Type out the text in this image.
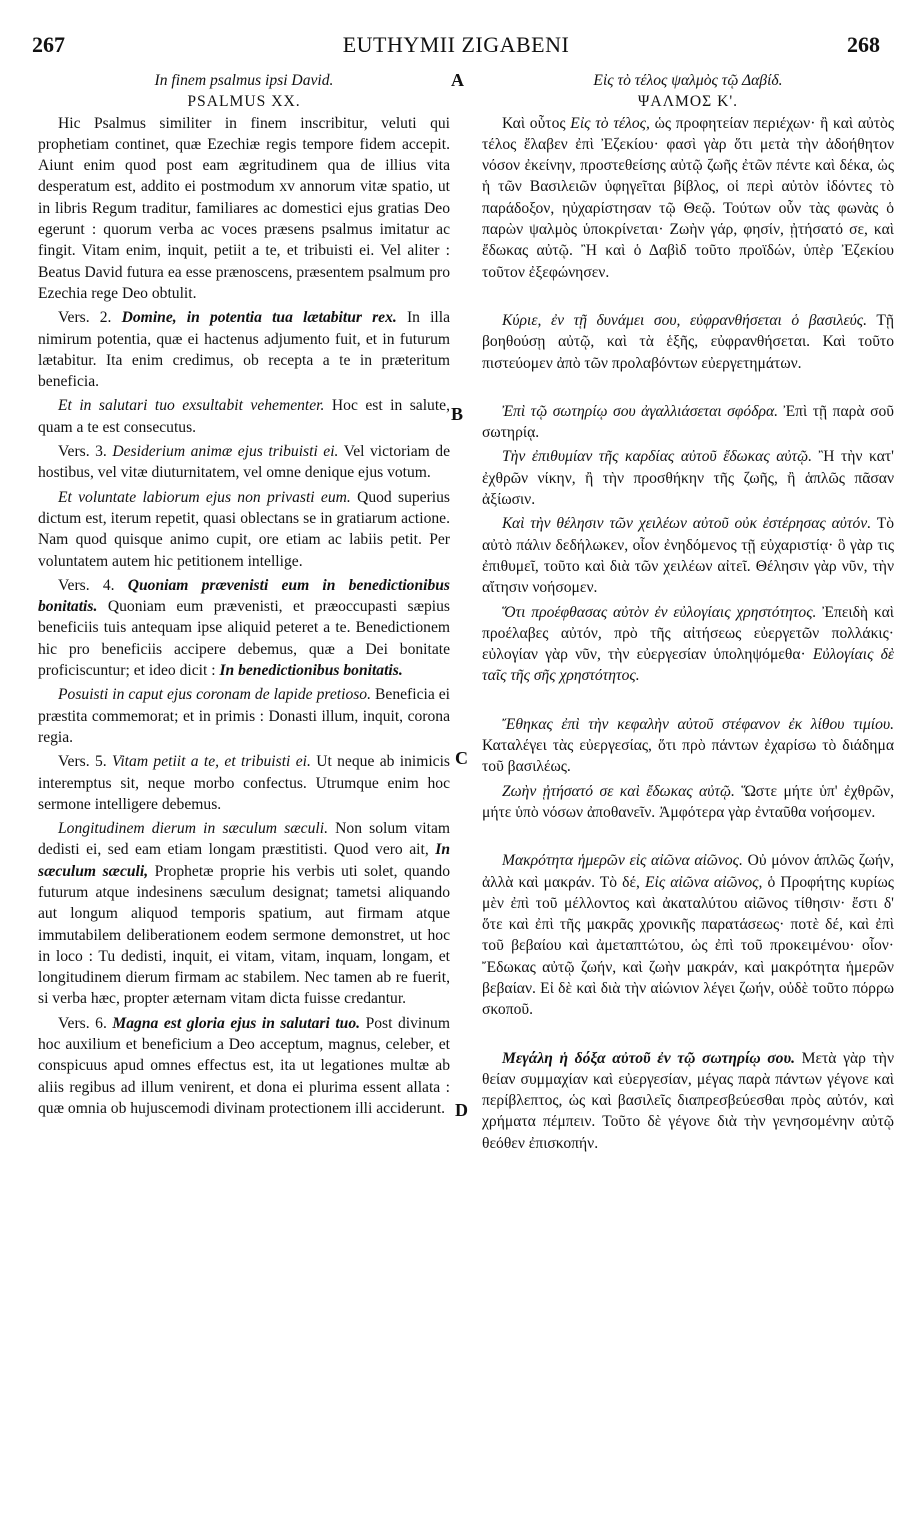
267	EUTHYMII ZIGABENI	268
A
B
C
D
In finem psalmus ipsi David.
PSALMUS XX.

Hic Psalmus similiter in finem inscribitur, veluti qui prophetiam continet, quæ Ezechiæ regis tempore fidem accepit. Aiunt enim quod post eam ægritudinem qua de illius vita desperatum est, addito ei postmodum xv annorum vitæ spatio, ut in libris Regum traditur, familiares ac domestici ejus gratias Deo egerunt : quorum verba ac voces præsens psalmus imitatur ac fingit. Vitam enim, inquit, petiit a te, et tribuisti ei. Vel aliter : Beatus David futura ea esse prænoscens, præsentem psalmum pro Ezechia rege Deo obtulit.

Vers. 2. Domine, in potentia tua lætabitur rex. In illa nimirum potentia, quæ ei hactenus adjumento fuit, et in futurum lætabitur. Ita enim credimus, ob recepta a te in præteritum beneficia.

Et in salutari tuo exsultabit vehementer. Hoc est in salute, quam a te est consecutus.

Vers. 3. Desiderium animæ ejus tribuisti ei. Vel victoriam de hostibus, vel vitæ diuturnitatem, vel omne denique ejus votum.

Et voluntate labiorum ejus non privasti eum. Quod superius dictum est, iterum repetit, quasi oblectans se in gratiarum actione. Nam quod quisque animo cupit, ore etiam ac labiis petit. Per voluntatem autem hic petitionem intellige.

Vers. 4. Quoniam prævenisti eum in benedictionibus bonitatis. Quoniam eum prævenisti, et præoccupasti sæpius beneficiis tuis antequam ipse aliquid peteret a te. Benedictionem hic pro beneficiis accipere debemus, quæ a Dei bonitate proficiscuntur; et ideo dicit : In benedictionibus bonitatis.

Posuisti in caput ejus coronam de lapide pretioso. Beneficia ei præstita commemorat; et in primis : Donasti illum, inquit, corona regia.

Vers. 5. Vitam petiit a te, et tribuisti ei. Ut neque ab inimicis interemptus sit, neque morbo confectus. Utrumque enim hoc sermone intelligere debemus.

Longitudinem dierum in sæculum sæculi. Non solum vitam dedisti ei, sed eam etiam longam præstitisti. Quod vero ait, In sæculum sæculi, Prophetæ proprie his verbis uti solet, quando futurum atque indesinens sæculum designat; tametsi aliquando aut longum aliquod temporis spatium, aut firmam atque immutabilem deliberationem eodem sermone demonstret, ut hoc in loco : Tu dedisti, inquit, ei vitam, vitam, inquam, longam, et longitudinem dierum firmam ac stabilem. Nec tamen ab re fuerit, si verba hæc, propter æternam vitam dicta fuisse credantur.

Vers. 6. Magna est gloria ejus in salutari tuo. Post divinum hoc auxilium et beneficium a Deo acceptum, magnus, celeber, et conspicuus apud omnes effectus est, ita ut legationes multæ ab aliis regibus ad illum venirent, et dona ei plurima essent allata : quæ omnia ob hujuscemodi divinam protectionem illi acciderunt.

Εἰς τὸ τέλος ψαλμὸς τῷ Δαβίδ.
ΨΑΛΜΟΣ Κ'.

Καὶ οὗτος Εἰς τὸ τέλος, ὡς προφητείαν περιέχων· ἢ καὶ αὐτὸς τέλος ἔλαβεν ἐπὶ Ἐζεκίου· φασὶ γὰρ ὅτι μετὰ τὴν ἀδοήθητον νόσον ἐκείνην, προστεθείσης αὐτῷ ζωῆς ἐτῶν πέντε καὶ δέκα, ὡς ἡ τῶν Βασιλειῶν ὑφηγεῖται βίβλος, οἱ περὶ αὐτὸν ἰδόντες τὸ παράδοξον, ηὐχαρίστησαν τῷ Θεῷ. Τούτων οὖν τὰς φωνὰς ὁ παρὼν ψαλμὸς ὑποκρίνεται· Ζωὴν γάρ, φησίν, ᾐτήσατό σε, καὶ ἔδωκας αὐτῷ. Ἢ καὶ ὁ Δαβὶδ τοῦτο προϊδών, ὑπὲρ Ἐζεκίου τοῦτον ἐξεφώνησεν.

Κύριε, ἐν τῇ δυνάμει σου, εὐφρανθήσεται ὁ βασιλεύς. Τῇ βοηθούσῃ αὐτῷ, καὶ τὰ ἑξῆς, εὐφρανθήσεται. Καὶ τοῦτο πιστεύομεν ἀπὸ τῶν προλαβόντων εὐεργετημάτων.

Ἐπὶ τῷ σωτηρίῳ σου ἀγαλλιάσεται σφόδρα. Ἐπὶ τῇ παρὰ σοῦ σωτηρίᾳ.

Τὴν ἐπιθυμίαν τῆς καρδίας αὐτοῦ ἔδωκας αὐτῷ. Ἢ τὴν κατ' ἐχθρῶν νίκην, ἢ τὴν προσθήκην τῆς ζωῆς, ἢ ἁπλῶς πᾶσαν ἀξίωσιν.

Καὶ τὴν θέλησιν τῶν χειλέων αὐτοῦ οὐκ ἐστέρησας αὐτόν. Τὸ αὐτὸ πάλιν δεδήλωκεν, οἷον ἐνηδόμενος τῇ εὐχαριστίᾳ· ὃ γὰρ τις ἐπιθυμεῖ, τοῦτο καὶ διὰ τῶν χειλέων αἰτεῖ. Θέλησιν γὰρ νῦν, τὴν αἴτησιν νοήσομεν.

Ὅτι προέφθασας αὐτὸν ἐν εὐλογίαις χρηστότητος. Ἐπειδὴ καὶ προέλαβες αὐτόν, πρὸ τῆς αἰτήσεως εὐεργετῶν πολλάκις· εὐλογίαν γὰρ νῦν, τὴν εὐεργεσίαν ὑποληψόμεθα· Εὐλογίαις δὲ ταῖς τῆς σῆς χρηστότητος.

Ἔθηκας ἐπὶ τὴν κεφαλὴν αὐτοῦ στέφανον ἐκ λίθου τιμίου. Καταλέγει τὰς εὐεργεσίας, ὅτι πρὸ πάντων ἐχαρίσω τὸ διάδημα τοῦ βασιλέως.

Ζωὴν ᾐτήσατό σε καὶ ἔδωκας αὐτῷ. Ὥστε μήτε ὑπ' ἐχθρῶν, μήτε ὑπὸ νόσων ἀποθανεῖν. Ἀμφότερα γὰρ ἐνταῦθα νοήσομεν.

Μακρότητα ἡμερῶν εἰς αἰῶνα αἰῶνος. Οὐ μόνον ἁπλῶς ζωήν, ἀλλὰ καὶ μακράν. Τὸ δέ, Εἰς αἰῶνα αἰῶνος, ὁ Προφήτης κυρίως μὲν ἐπὶ τοῦ μέλλοντος καὶ ἀκαταλύτου αἰῶνος τίθησιν· ἔστι δ' ὅτε καὶ ἐπὶ τῆς μακρᾶς χρονικῆς παρατάσεως· ποτὲ δέ, καὶ ἐπὶ τοῦ βεβαίου καὶ ἀμεταπτώτου, ὡς ἐπὶ τοῦ προκειμένου· οἷον· Ἔδωκας αὐτῷ ζωήν, καὶ ζωὴν μακράν, καὶ μακρότητα ἡμερῶν βεβαίαν. Εἰ δὲ καὶ διὰ τὴν αἰώνιον λέγει ζωήν, οὐδὲ τοῦτο πόρρω σκοποῦ.

Μεγάλη ἡ δόξα αὐτοῦ ἐν τῷ σωτηρίῳ σου. Μετὰ γὰρ τὴν θείαν συμμαχίαν καὶ εὐεργεσίαν, μέγας παρὰ πάντων γέγονε καὶ περίβλεπτος, ὡς καὶ βασιλεῖς διαπρεσβεύεσθαι πρὸς αὐτόν, καὶ χρήματα πέμπειν. Τοῦτο δὲ γέγονε διὰ τὴν γενησομένην αὐτῷ θεόθεν ἐπισκοπήν.
